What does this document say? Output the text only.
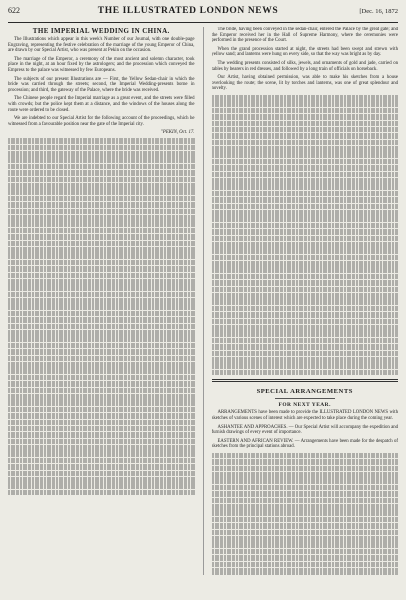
622	THE ILLUSTRATED LONDON NEWS	[Dec. 16, 1872
THE IMPERIAL WEDDING IN CHINA.

The Illustrations which appear in this week's Number of our Journal, with one double-page Engraving, representing the festive celebration of the marriage of the young Emperor of China, are drawn by our Special Artist, who was present at Pekin on the occasion.

The marriage of the Emperor, a ceremony of the most ancient and solemn character, took place in the night, at an hour fixed by the astrologers; and the procession which conveyed the Empress to the palace was witnessed by few Europeans.

The subjects of our present Illustrations are — First, the Yellow Sedan-chair in which the bride was carried through the streets; second, the Imperial Wedding-presents borne in procession; and third, the gateway of the Palace, where the bride was received.

The Chinese people regard the Imperial marriage as a great event, and the streets were filled with crowds; but the police kept them at a distance, and the windows of the houses along the route were ordered to be closed.

We are indebted to our Special Artist for the following account of the proceedings, which he witnessed from a favourable position near the gate of the Imperial city.

"PEKIN, Oct. 17.

The bride, having been conveyed in the sedan-chair, entered the Palace by the great gate; and the Emperor received her in the Hall of Supreme Harmony, where the ceremonies were performed in the presence of the Court.

When the grand procession started at night, the streets had been swept and strewn with yellow sand; and lanterns were hung on every side, so that the way was bright as by day.

The wedding presents consisted of silks, jewels, and ornaments of gold and jade, carried on tables by bearers in red dresses, and followed by a long train of officials on horseback.

Our Artist, having obtained permission, was able to make his sketches from a house overlooking the route; the scene, lit by torches and lanterns, was one of great splendour and novelty.

SPECIAL ARRANGEMENTS
FOR NEXT YEAR.

ARRANGEMENTS have been made to provide the ILLUSTRATED LONDON NEWS with sketches of various scenes of interest which are expected to take place during the coming year.

ASHANTEE AND APPROACHES. — Our Special Artist will accompany the expedition and furnish drawings of every event of importance.

EASTERN AND AFRICAN REVIEW. — Arrangements have been made for the despatch of sketches from the principal stations abroad.
